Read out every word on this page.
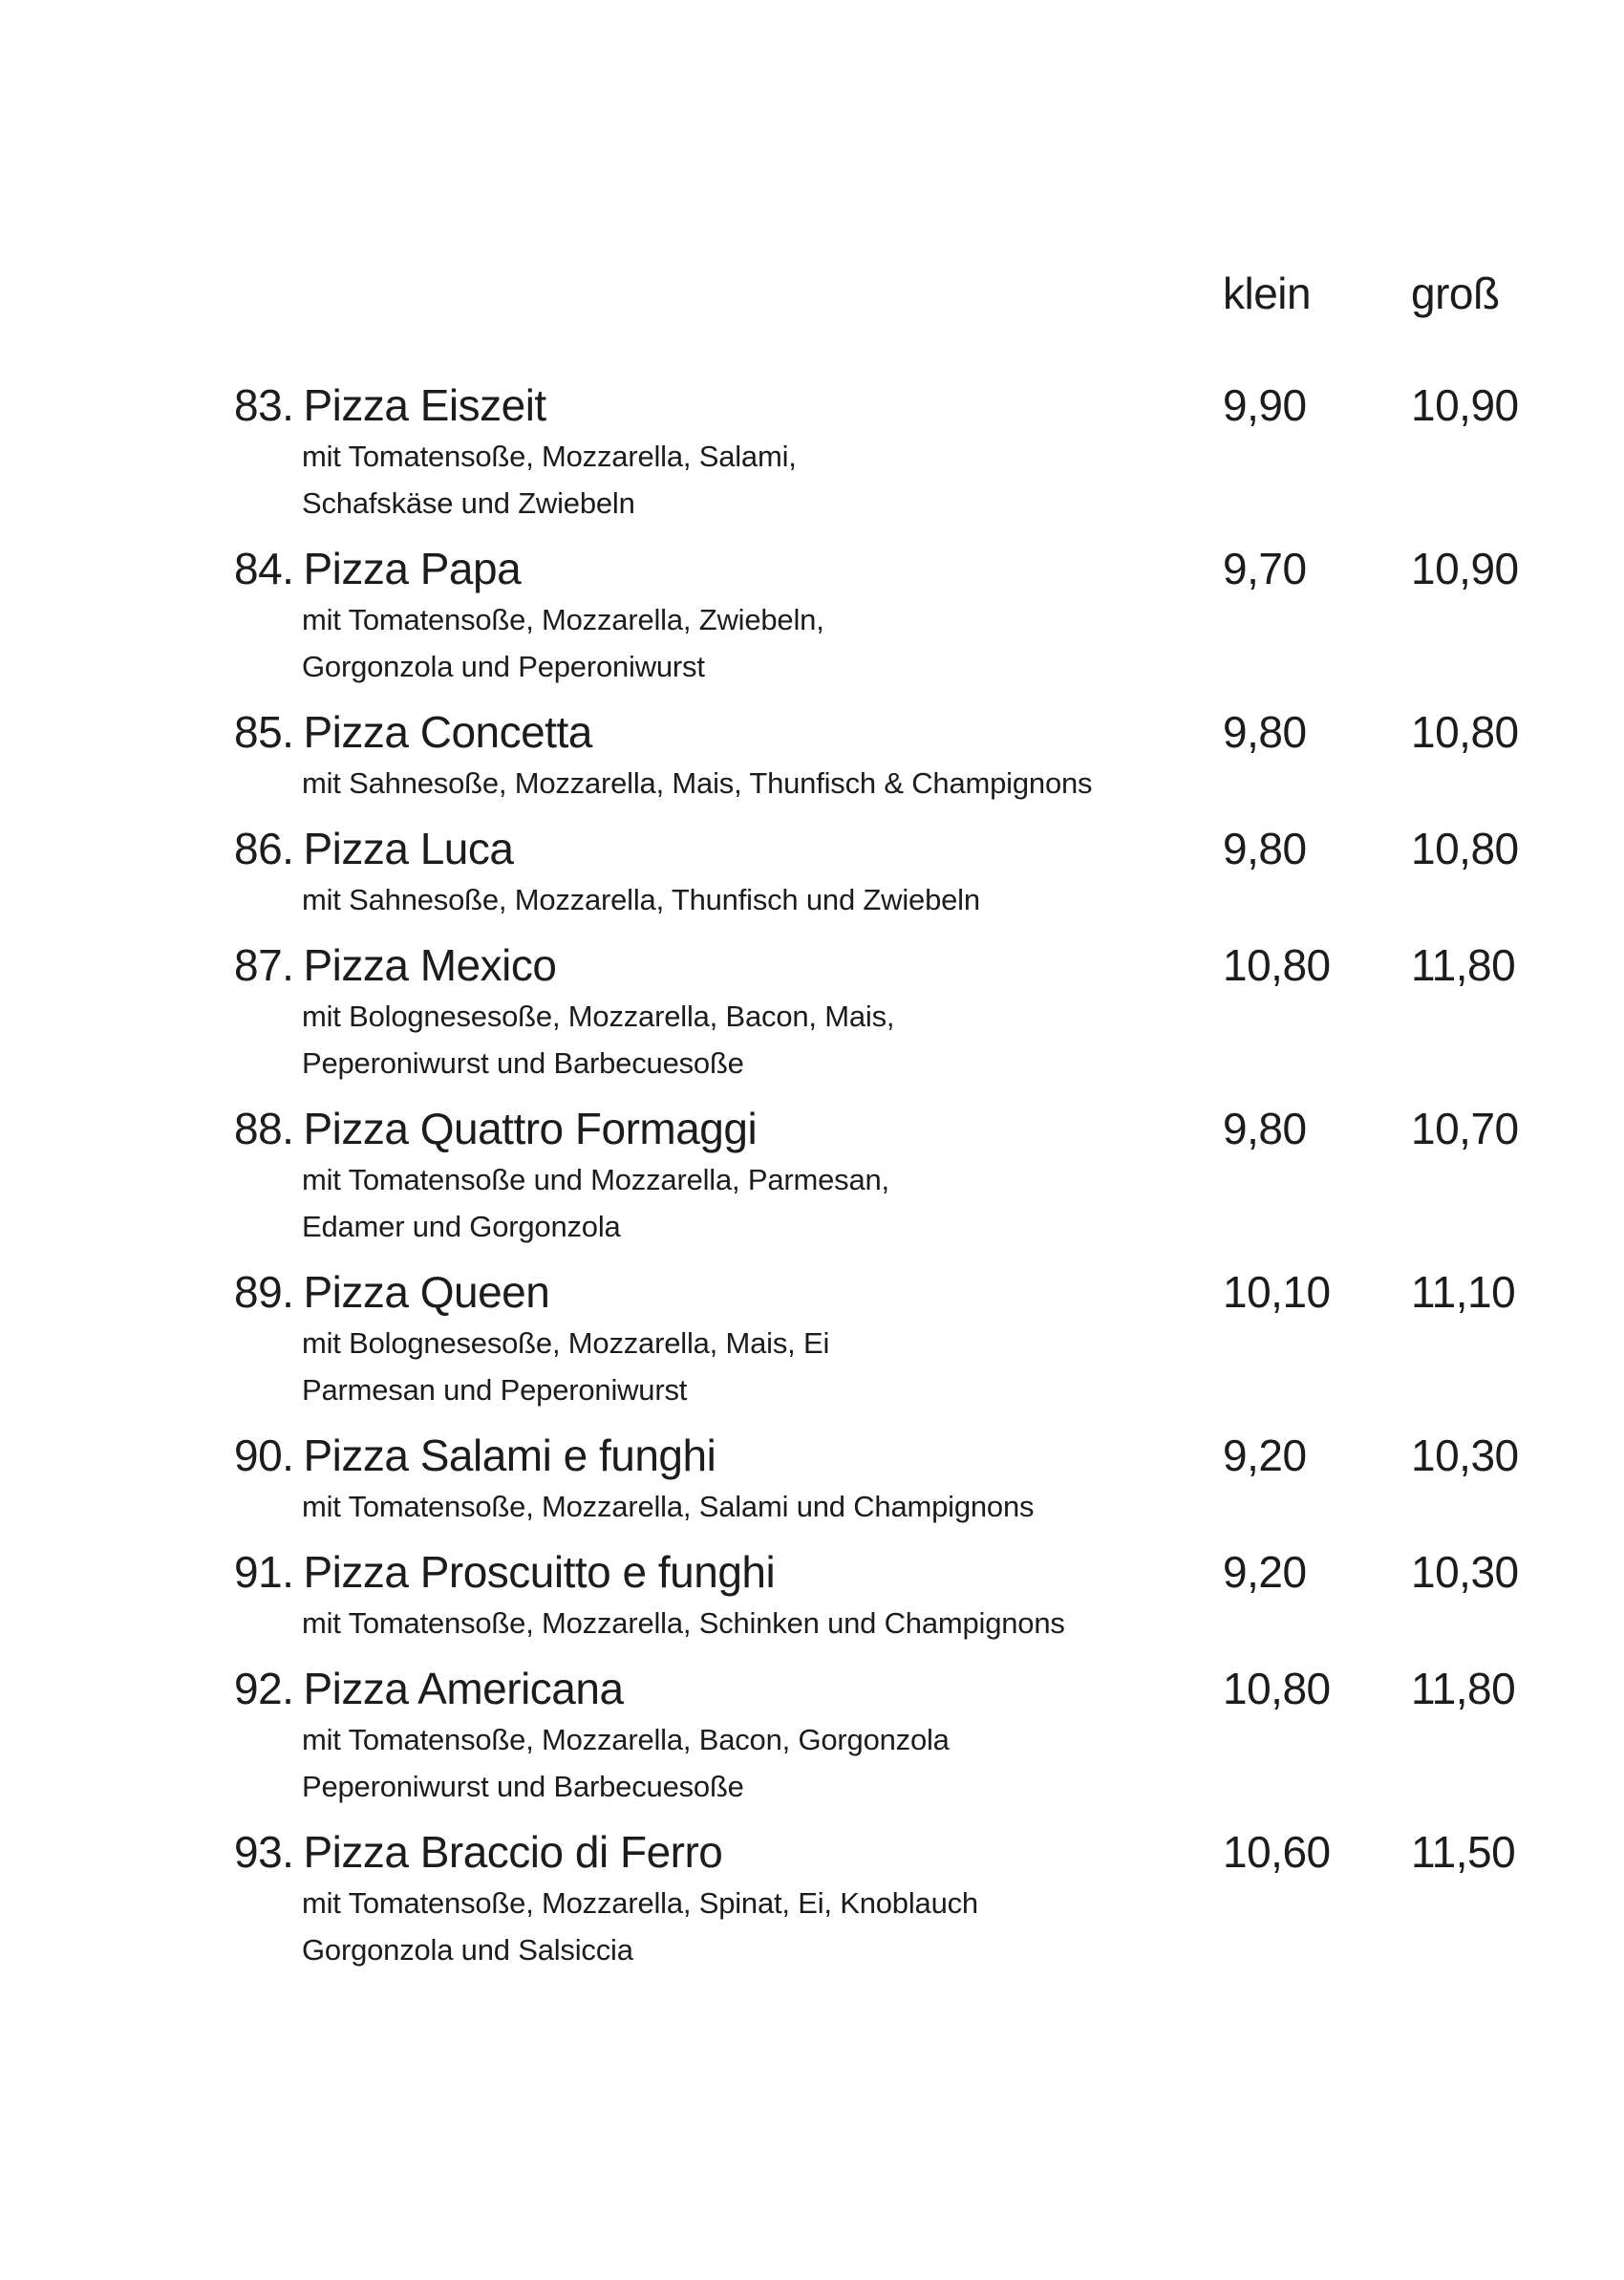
klein	groß
83. Pizza Eiszeit
mit Tomatensoße, Mozzarella, Salami,
Schafskäse und Zwiebeln
9,90	10,90
84. Pizza Papa
mit Tomatensoße, Mozzarella, Zwiebeln,
Gorgonzola und Peperoniwurst
9,70	10,90
85. Pizza Concetta
mit Sahnesoße, Mozzarella, Mais, Thunfisch & Champignons
9,80	10,80
86. Pizza Luca
mit Sahnesoße, Mozzarella, Thunfisch und Zwiebeln
9,80	10,80
87. Pizza Mexico
mit Bolognesesoße, Mozzarella, Bacon, Mais,
Peperoniwurst und Barbecuesoße
10,80	11,80
88. Pizza Quattro Formaggi
mit Tomatensoße und Mozzarella, Parmesan,
Edamer und Gorgonzola
9,80	10,70
89. Pizza Queen
mit Bolognesesoße, Mozzarella, Mais, Ei
Parmesan und Peperoniwurst
10,10	11,10
90. Pizza Salami e funghi
mit Tomatensoße, Mozzarella, Salami und Champignons
9,20	10,30
91. Pizza Proscuitto e funghi
mit Tomatensoße, Mozzarella, Schinken und Champignons
9,20	10,30
92. Pizza Americana
mit Tomatensoße, Mozzarella, Bacon, Gorgonzola
Peperoniwurst und Barbecuesoße
10,80	11,80
93. Pizza Braccio di Ferro
mit Tomatensoße, Mozzarella, Spinat, Ei, Knoblauch
Gorgonzola und Salsiccia
10,60	11,50
